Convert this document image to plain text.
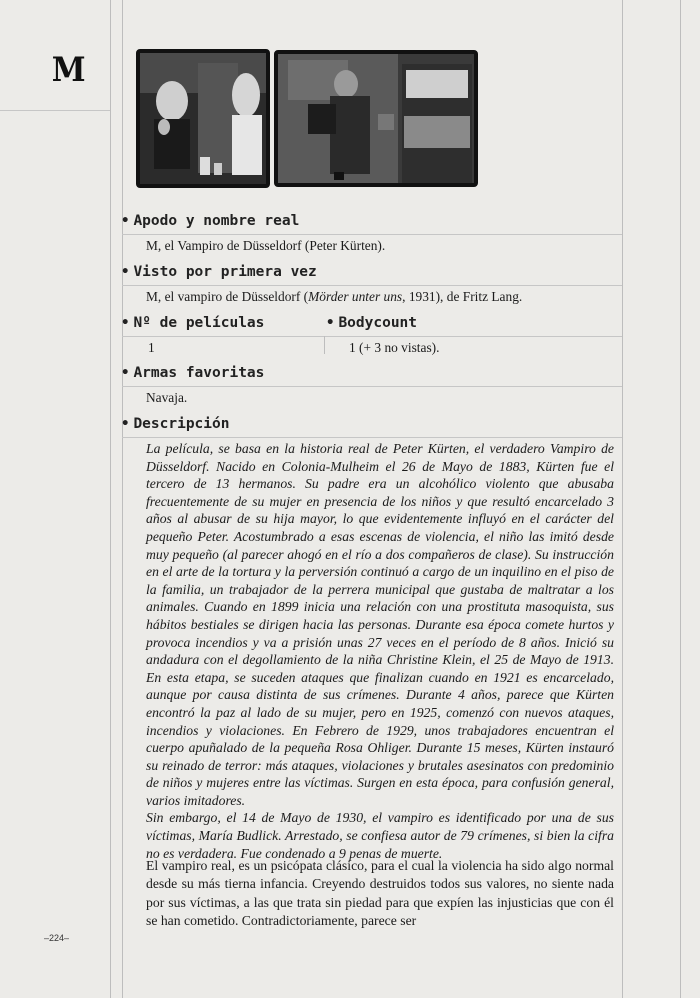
M
• Apodo y nombre real
M, el Vampiro de Düsseldorf (Peter Kürten).
• Visto por primera vez
M, el vampiro de Düsseldorf (Mörder unter uns, 1931), de Fritz Lang.
• Nº de películas	• Bodycount
1	1 (+ 3 no vistas).
• Armas favoritas
Navaja.
• Descripción

La película, se basa en la historia real de Peter Kürten, el verdadero Vampiro de Düsseldorf. Nacido en Colonia-Mulheim el 26 de Mayo de 1883, Kürten fue el tercero de 13 hermanos. Su padre era un alcohólico violento que abusaba frecuentemente de su mujer en presencia de los niños y que resultó encarcelado 3 años al abusar de su hija mayor, lo que evidentemente influyó en el carácter del pequeño Peter. Acostumbrado a esas escenas de violencia, el niño las imitó desde muy pequeño (al parecer ahogó en el río a dos compañeros de clase). Su instrucción en el arte de la tortura y la perversión continuó a cargo de un inquilino en el piso de la familia, un trabajador de la perrera municipal que gustaba de maltratar a los animales. Cuando en 1899 inicia una relación con una prostituta masoquista, sus hábitos bestiales se dirigen hacia las personas. Durante esa época comete hurtos y provoca incendios y va a prisión unas 27 veces en el período de 8 años. Inició su andadura con el degollamiento de la niña Christine Klein, el 25 de Mayo de 1913. En esta etapa, se suceden ataques que finalizan cuando en 1921 es encarcelado, aunque por causa distinta de sus crímenes. Durante 4 años, parece que Kürten encontró la paz al lado de su mujer, pero en 1925, comenzó con nuevos ataques, incendios y violaciones. En Febrero de 1929, unos trabajadores encuentran el cuerpo apuñalado de la pequeña Rosa Ohliger. Durante 15 meses, Kürten instauró su reinado de terror: más ataques, violaciones y brutales asesinatos con predominio de niños y mujeres entre las víctimas. Surgen en esta época, para confusión general, varios imitadores.

Sin embargo, el 14 de Mayo de 1930, el vampiro es identificado por una de sus víctimas, María Budlick. Arrestado, se confiesa autor de 79 crímenes, si bien la cifra no es verdadera. Fue condenado a 9 penas de muerte.

El vampiro real, es un psicópata clásico, para el cual la violencia ha sido algo normal desde su más tierna infancia. Creyendo destruidos todos sus valores, no siente nada por sus víctimas, a las que trata sin piedad para que expíen las injusticias que con él se han cometido. Contradictoriamente, parece ser

–224–
